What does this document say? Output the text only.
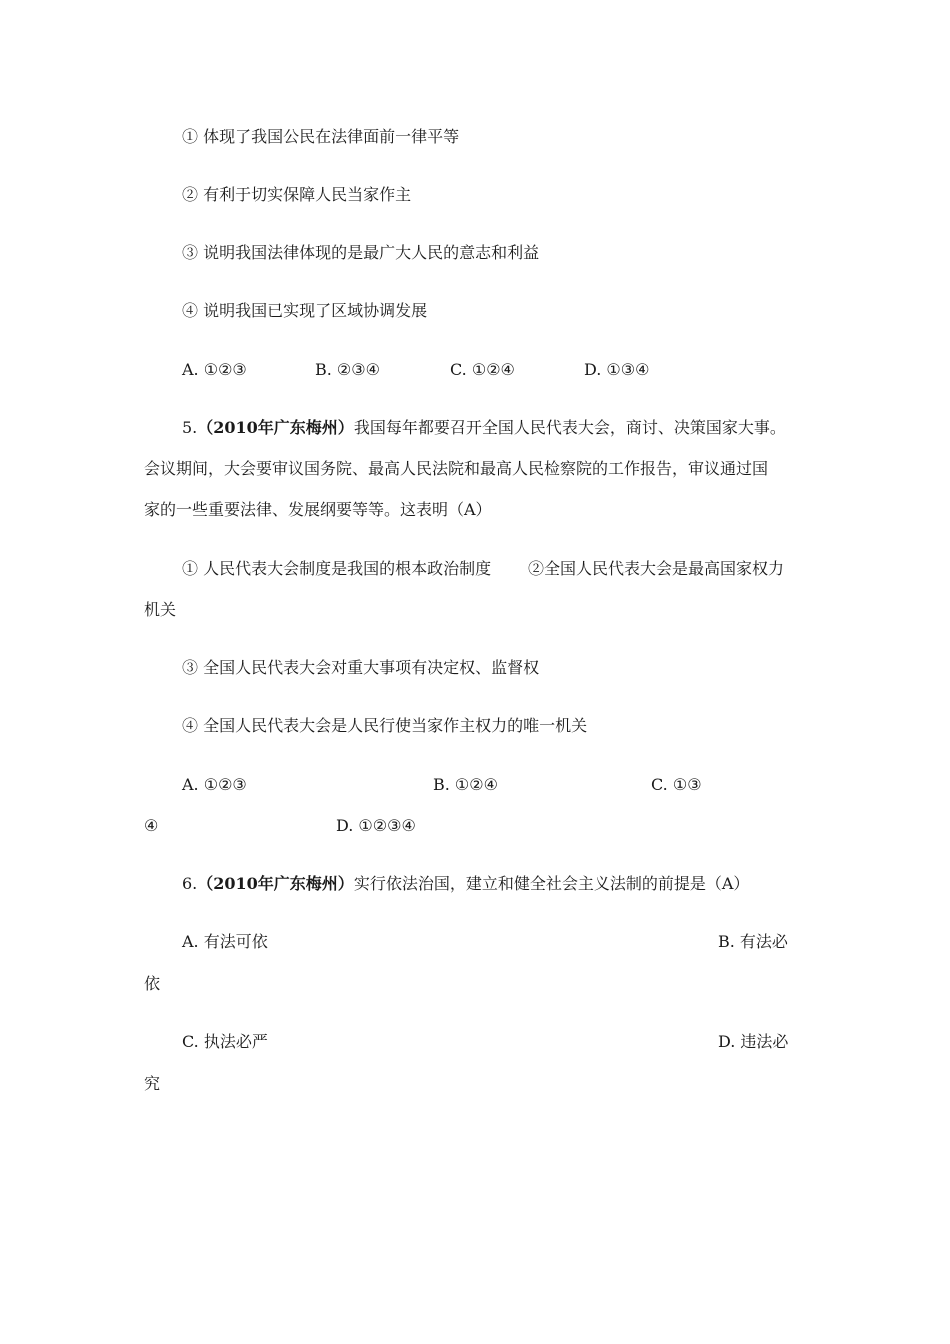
① 体现了我国公民在法律面前一律平等
② 有利于切实保障人民当家作主
③ 说明我国法律体现的是最广大人民的意志和利益
④ 说明我国已实现了区域协调发展
A. ①②③	B. ②③④	C. ①②④	D. ①③④
5.（2010年广东梅州）我国每年都要召开全国人民代表大会，商讨、决策国家大事。
会议期间，大会要审议国务院、最高人民法院和最高人民检察院的工作报告，审议通过国
家的一些重要法律、发展纲要等等。这表明（A）
① 人民代表大会制度是我国的根本政治制度 ②全国人民代表大会是最高国家权力
机关
③ 全国人民代表大会对重大事项有决定权、监督权
④ 全国人民代表大会是人民行使当家作主权力的唯一机关
A. ①②③	B. ①②④	C. ①③
④	D. ①②③④
6.（2010年广东梅州）实行依法治国，建立和健全社会主义法制的前提是（A）
A. 有法可依	B. 有法必
依
C. 执法必严	D. 违法必
究
